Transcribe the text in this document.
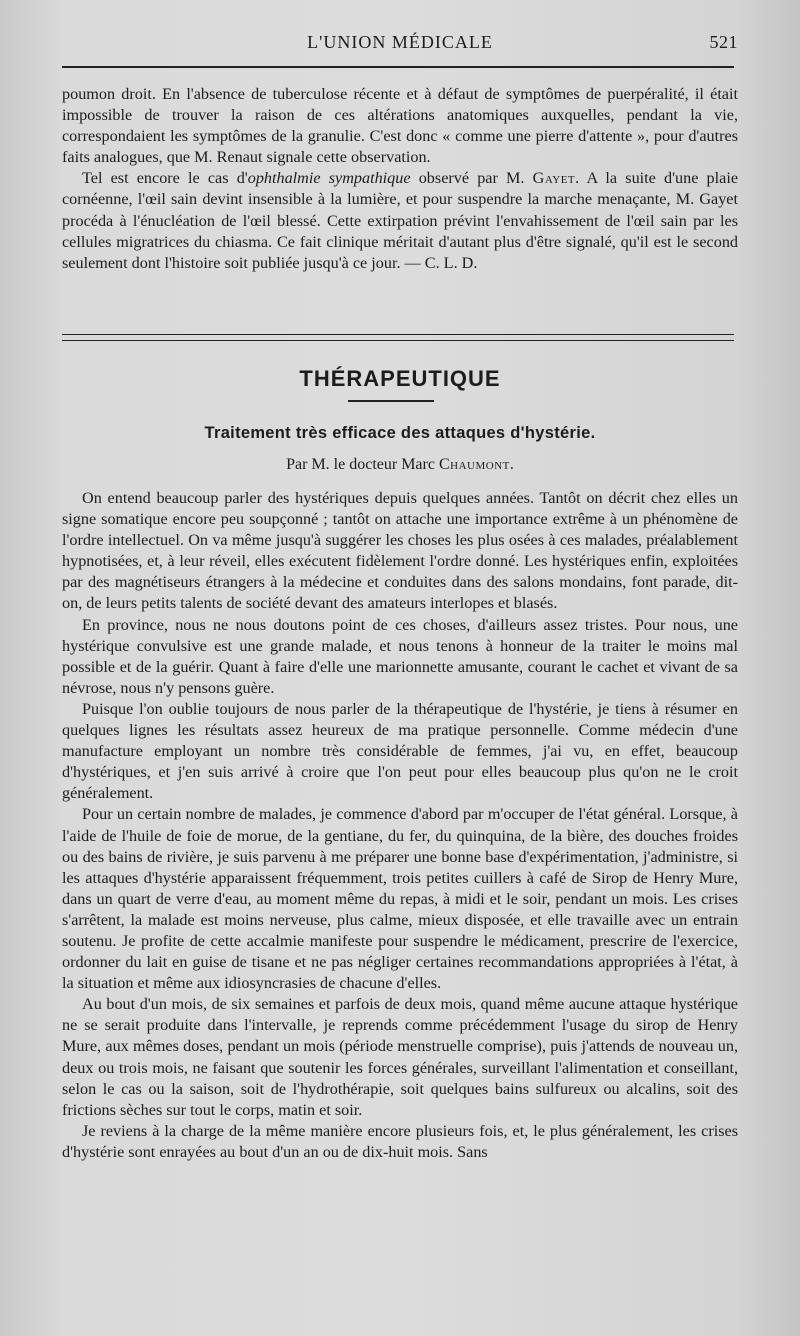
L'UNION MÉDICALE	521

poumon droit. En l'absence de tuberculose récente et à défaut de symptômes de puerpéralité, il était impossible de trouver la raison de ces altérations anatomiques auxquelles, pendant la vie, correspondaient les symptômes de la granulie. C'est donc « comme une pierre d'attente », pour d'autres faits analogues, que M. Renaut signale cette observation.

Tel est encore le cas d'ophthalmie sympathique observé par M. Gayet. A la suite d'une plaie cornéenne, l'œil sain devint insensible à la lumière, et pour suspendre la marche menaçante, M. Gayet procéda à l'énucléation de l'œil blessé. Cette extirpation prévint l'envahissement de l'œil sain par les cellules migratrices du chiasma. Ce fait clinique méritait d'autant plus d'être signalé, qu'il est le second seulement dont l'histoire soit publiée jusqu'à ce jour. — C. L. D.

THÉRAPEUTIQUE
Traitement très efficace des attaques d'hystérie.
Par M. le docteur Marc Chaumont.

On entend beaucoup parler des hystériques depuis quelques années. Tantôt on décrit chez elles un signe somatique encore peu soupçonné ; tantôt on attache une importance extrême à un phénomène de l'ordre intellectuel. On va même jusqu'à suggérer les choses les plus osées à ces malades, préalablement hypnotisées, et, à leur réveil, elles exécutent fidèlement l'ordre donné. Les hystériques enfin, exploitées par des magnétiseurs étrangers à la médecine et conduites dans des salons mondains, font parade, dit-on, de leurs petits talents de société devant des amateurs interlopes et blasés.

En province, nous ne nous doutons point de ces choses, d'ailleurs assez tristes. Pour nous, une hystérique convulsive est une grande malade, et nous tenons à honneur de la traiter le moins mal possible et de la guérir. Quant à faire d'elle une marionnette amusante, courant le cachet et vivant de sa névrose, nous n'y pensons guère.

Puisque l'on oublie toujours de nous parler de la thérapeutique de l'hystérie, je tiens à résumer en quelques lignes les résultats assez heureux de ma pratique personnelle. Comme médecin d'une manufacture employant un nombre très considérable de femmes, j'ai vu, en effet, beaucoup d'hystériques, et j'en suis arrivé à croire que l'on peut pour elles beaucoup plus qu'on ne le croit généralement.

Pour un certain nombre de malades, je commence d'abord par m'occuper de l'état général. Lorsque, à l'aide de l'huile de foie de morue, de la gentiane, du fer, du quinquina, de la bière, des douches froides ou des bains de rivière, je suis parvenu à me préparer une bonne base d'expérimentation, j'administre, si les attaques d'hystérie apparaissent fréquemment, trois petites cuillers à café de Sirop de Henry Mure, dans un quart de verre d'eau, au moment même du repas, à midi et le soir, pendant un mois. Les crises s'arrêtent, la malade est moins nerveuse, plus calme, mieux disposée, et elle travaille avec un entrain soutenu. Je profite de cette accalmie manifeste pour suspendre le médicament, prescrire de l'exercice, ordonner du lait en guise de tisane et ne pas négliger certaines recommandations appropriées à l'état, à la situation et même aux idiosyncrasies de chacune d'elles.

Au bout d'un mois, de six semaines et parfois de deux mois, quand même aucune attaque hystérique ne se serait produite dans l'intervalle, je reprends comme précédemment l'usage du sirop de Henry Mure, aux mêmes doses, pendant un mois (période menstruelle comprise), puis j'attends de nouveau un, deux ou trois mois, ne faisant que soutenir les forces générales, surveillant l'alimentation et conseillant, selon le cas ou la saison, soit de l'hydrothérapie, soit quelques bains sulfureux ou alcalins, soit des frictions sèches sur tout le corps, matin et soir.

Je reviens à la charge de la même manière encore plusieurs fois, et, le plus généralement, les crises d'hystérie sont enrayées au bout d'un an ou de dix-huit mois. Sans
